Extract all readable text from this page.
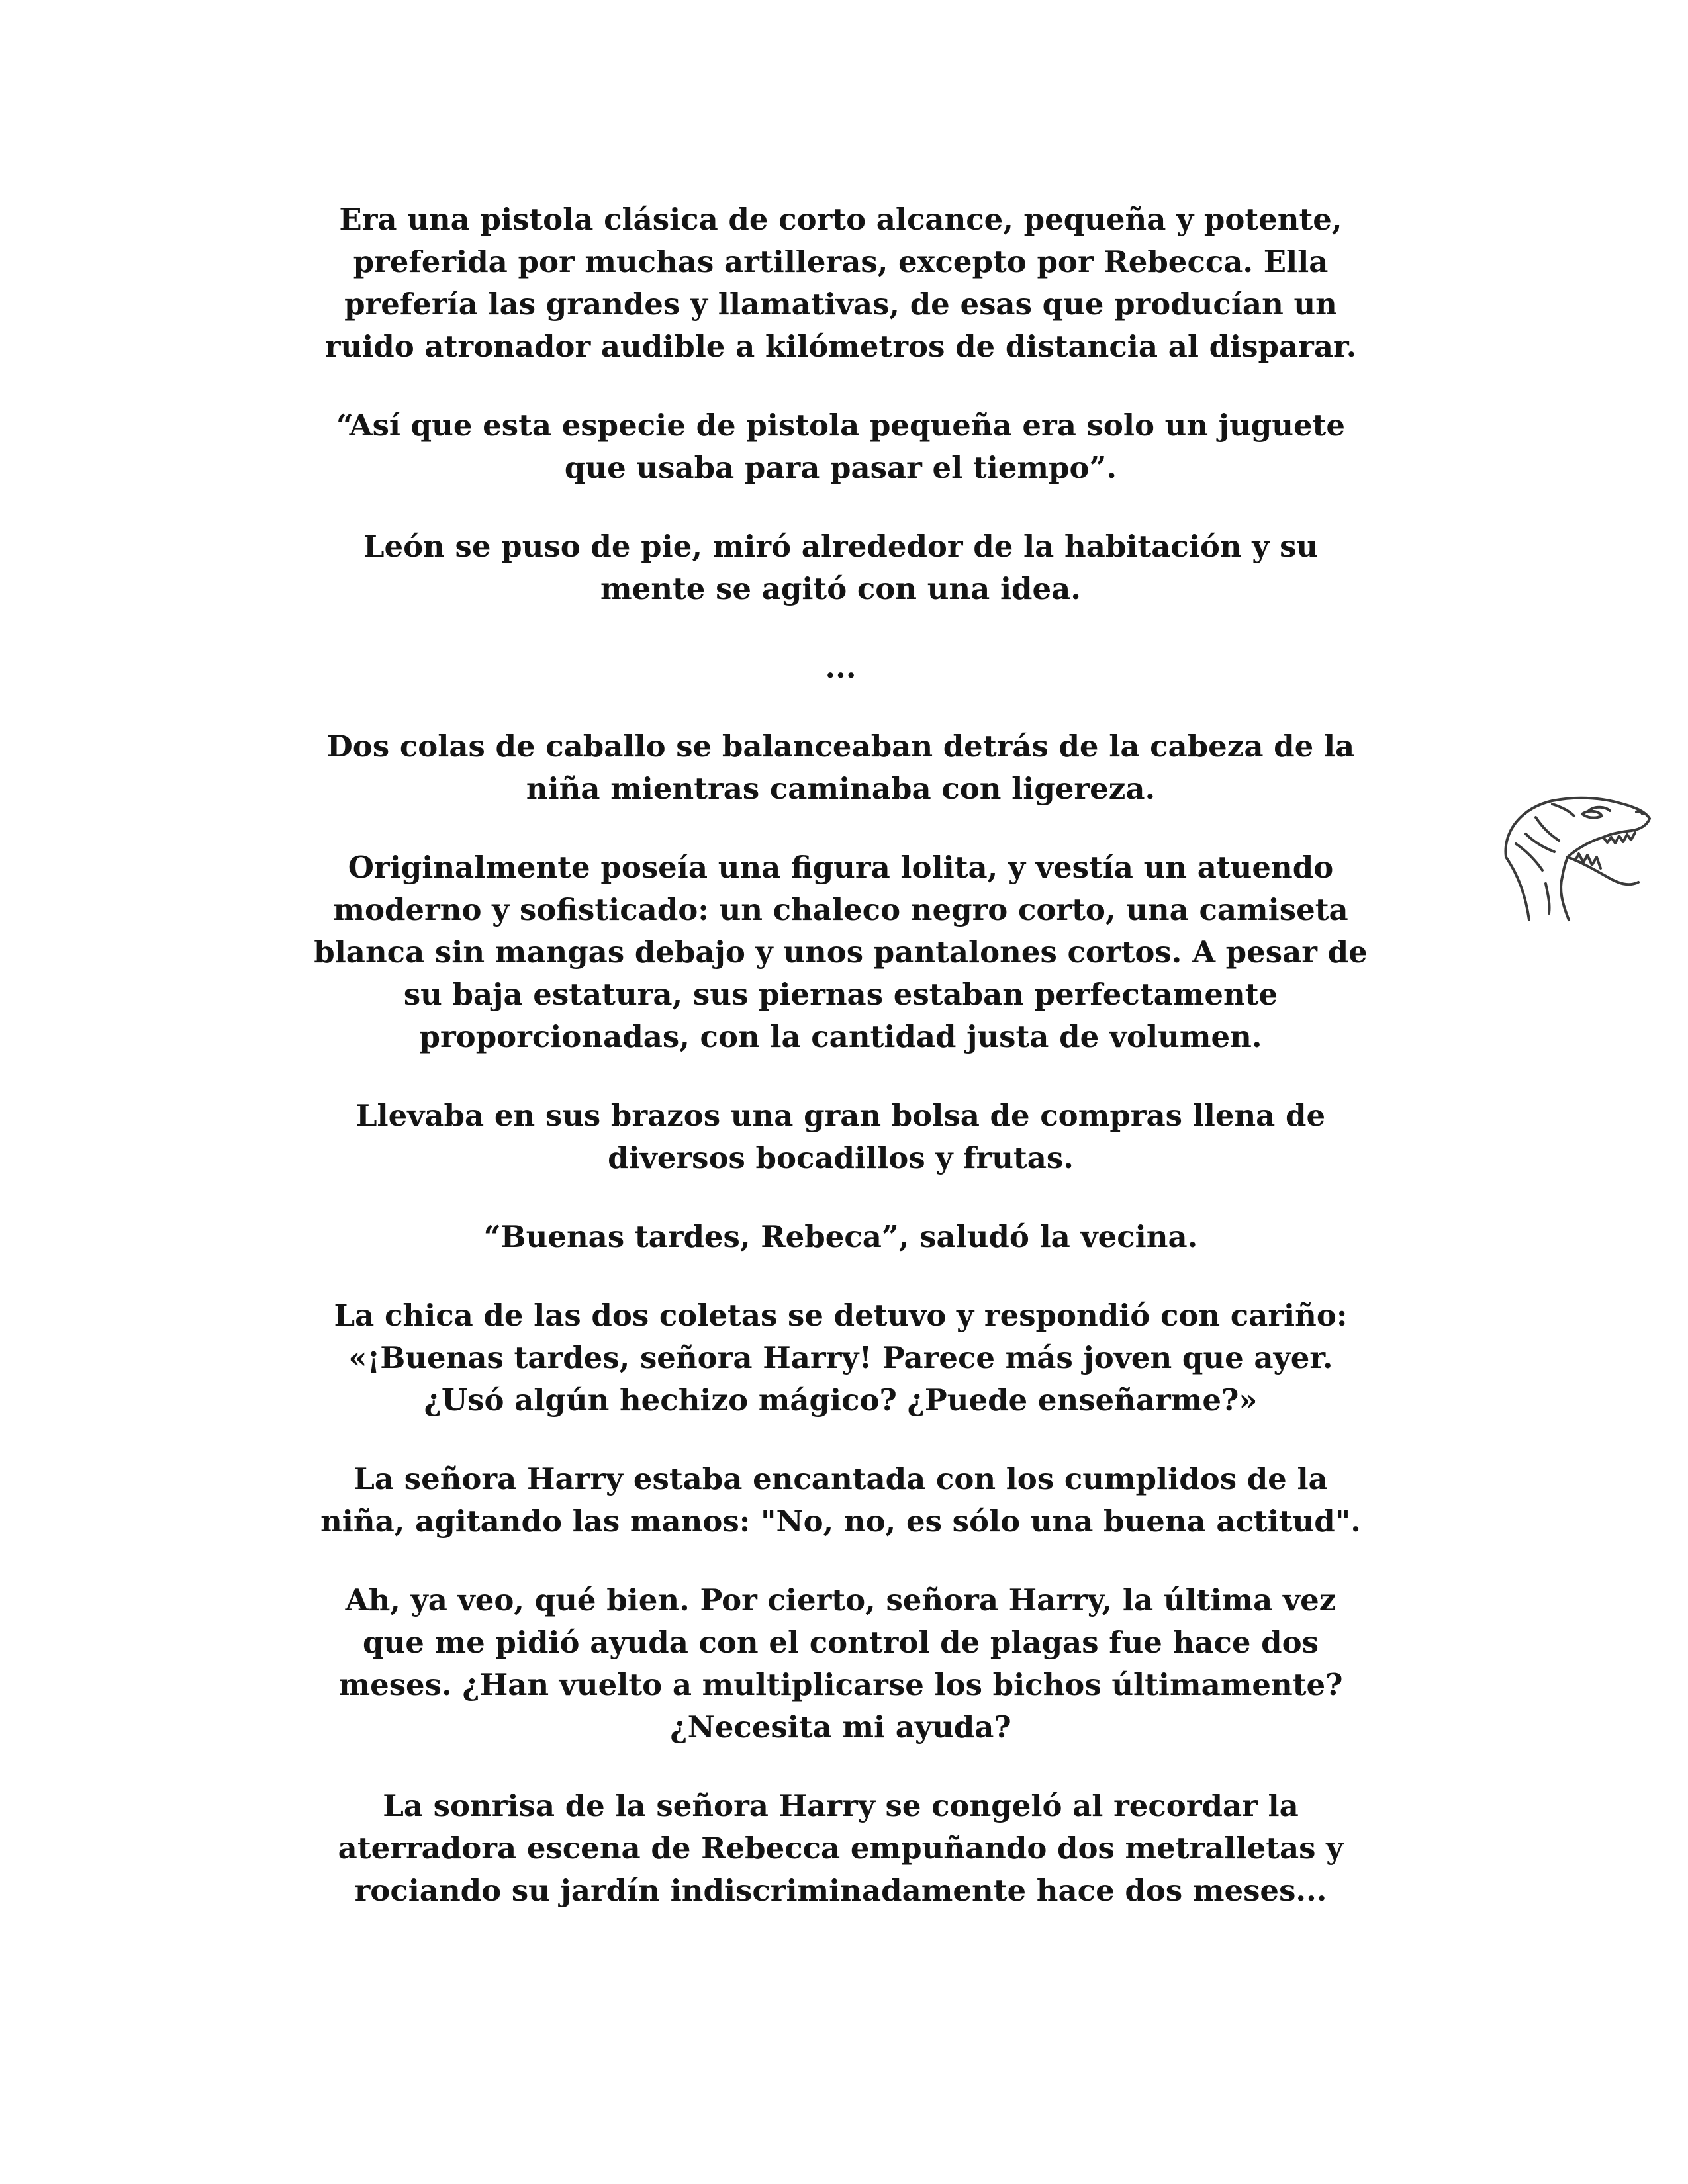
Era una pistola clásica de corto alcance, pequeña y potente,
preferida por muchas artilleras, excepto por Rebecca. Ella
prefería las grandes y llamativas, de esas que producían un
ruido atronador audible a kilómetros de distancia al disparar.

“Así que esta especie de pistola pequeña era solo un juguete
que usaba para pasar el tiempo”.

León se puso de pie, miró alrededor de la habitación y su
mente se agitó con una idea.

...

Dos colas de caballo se balanceaban detrás de la cabeza de la
niña mientras caminaba con ligereza.

Originalmente poseía una figura lolita, y vestía un atuendo
moderno y sofisticado: un chaleco negro corto, una camiseta
blanca sin mangas debajo y unos pantalones cortos. A pesar de
su baja estatura, sus piernas estaban perfectamente
proporcionadas, con la cantidad justa de volumen.

Llevaba en sus brazos una gran bolsa de compras llena de
diversos bocadillos y frutas.

“Buenas tardes, Rebeca”, saludó la vecina.

La chica de las dos coletas se detuvo y respondió con cariño:
«¡Buenas tardes, señora Harry! Parece más joven que ayer.
¿Usó algún hechizo mágico? ¿Puede enseñarme?»

La señora Harry estaba encantada con los cumplidos de la
niña, agitando las manos: "No, no, es sólo una buena actitud".

Ah, ya veo, qué bien. Por cierto, señora Harry, la última vez
que me pidió ayuda con el control de plagas fue hace dos
meses. ¿Han vuelto a multiplicarse los bichos últimamente?
¿Necesita mi ayuda?

La sonrisa de la señora Harry se congeló al recordar la
aterradora escena de Rebecca empuñando dos metralletas y
rociando su jardín indiscriminadamente hace dos meses...
